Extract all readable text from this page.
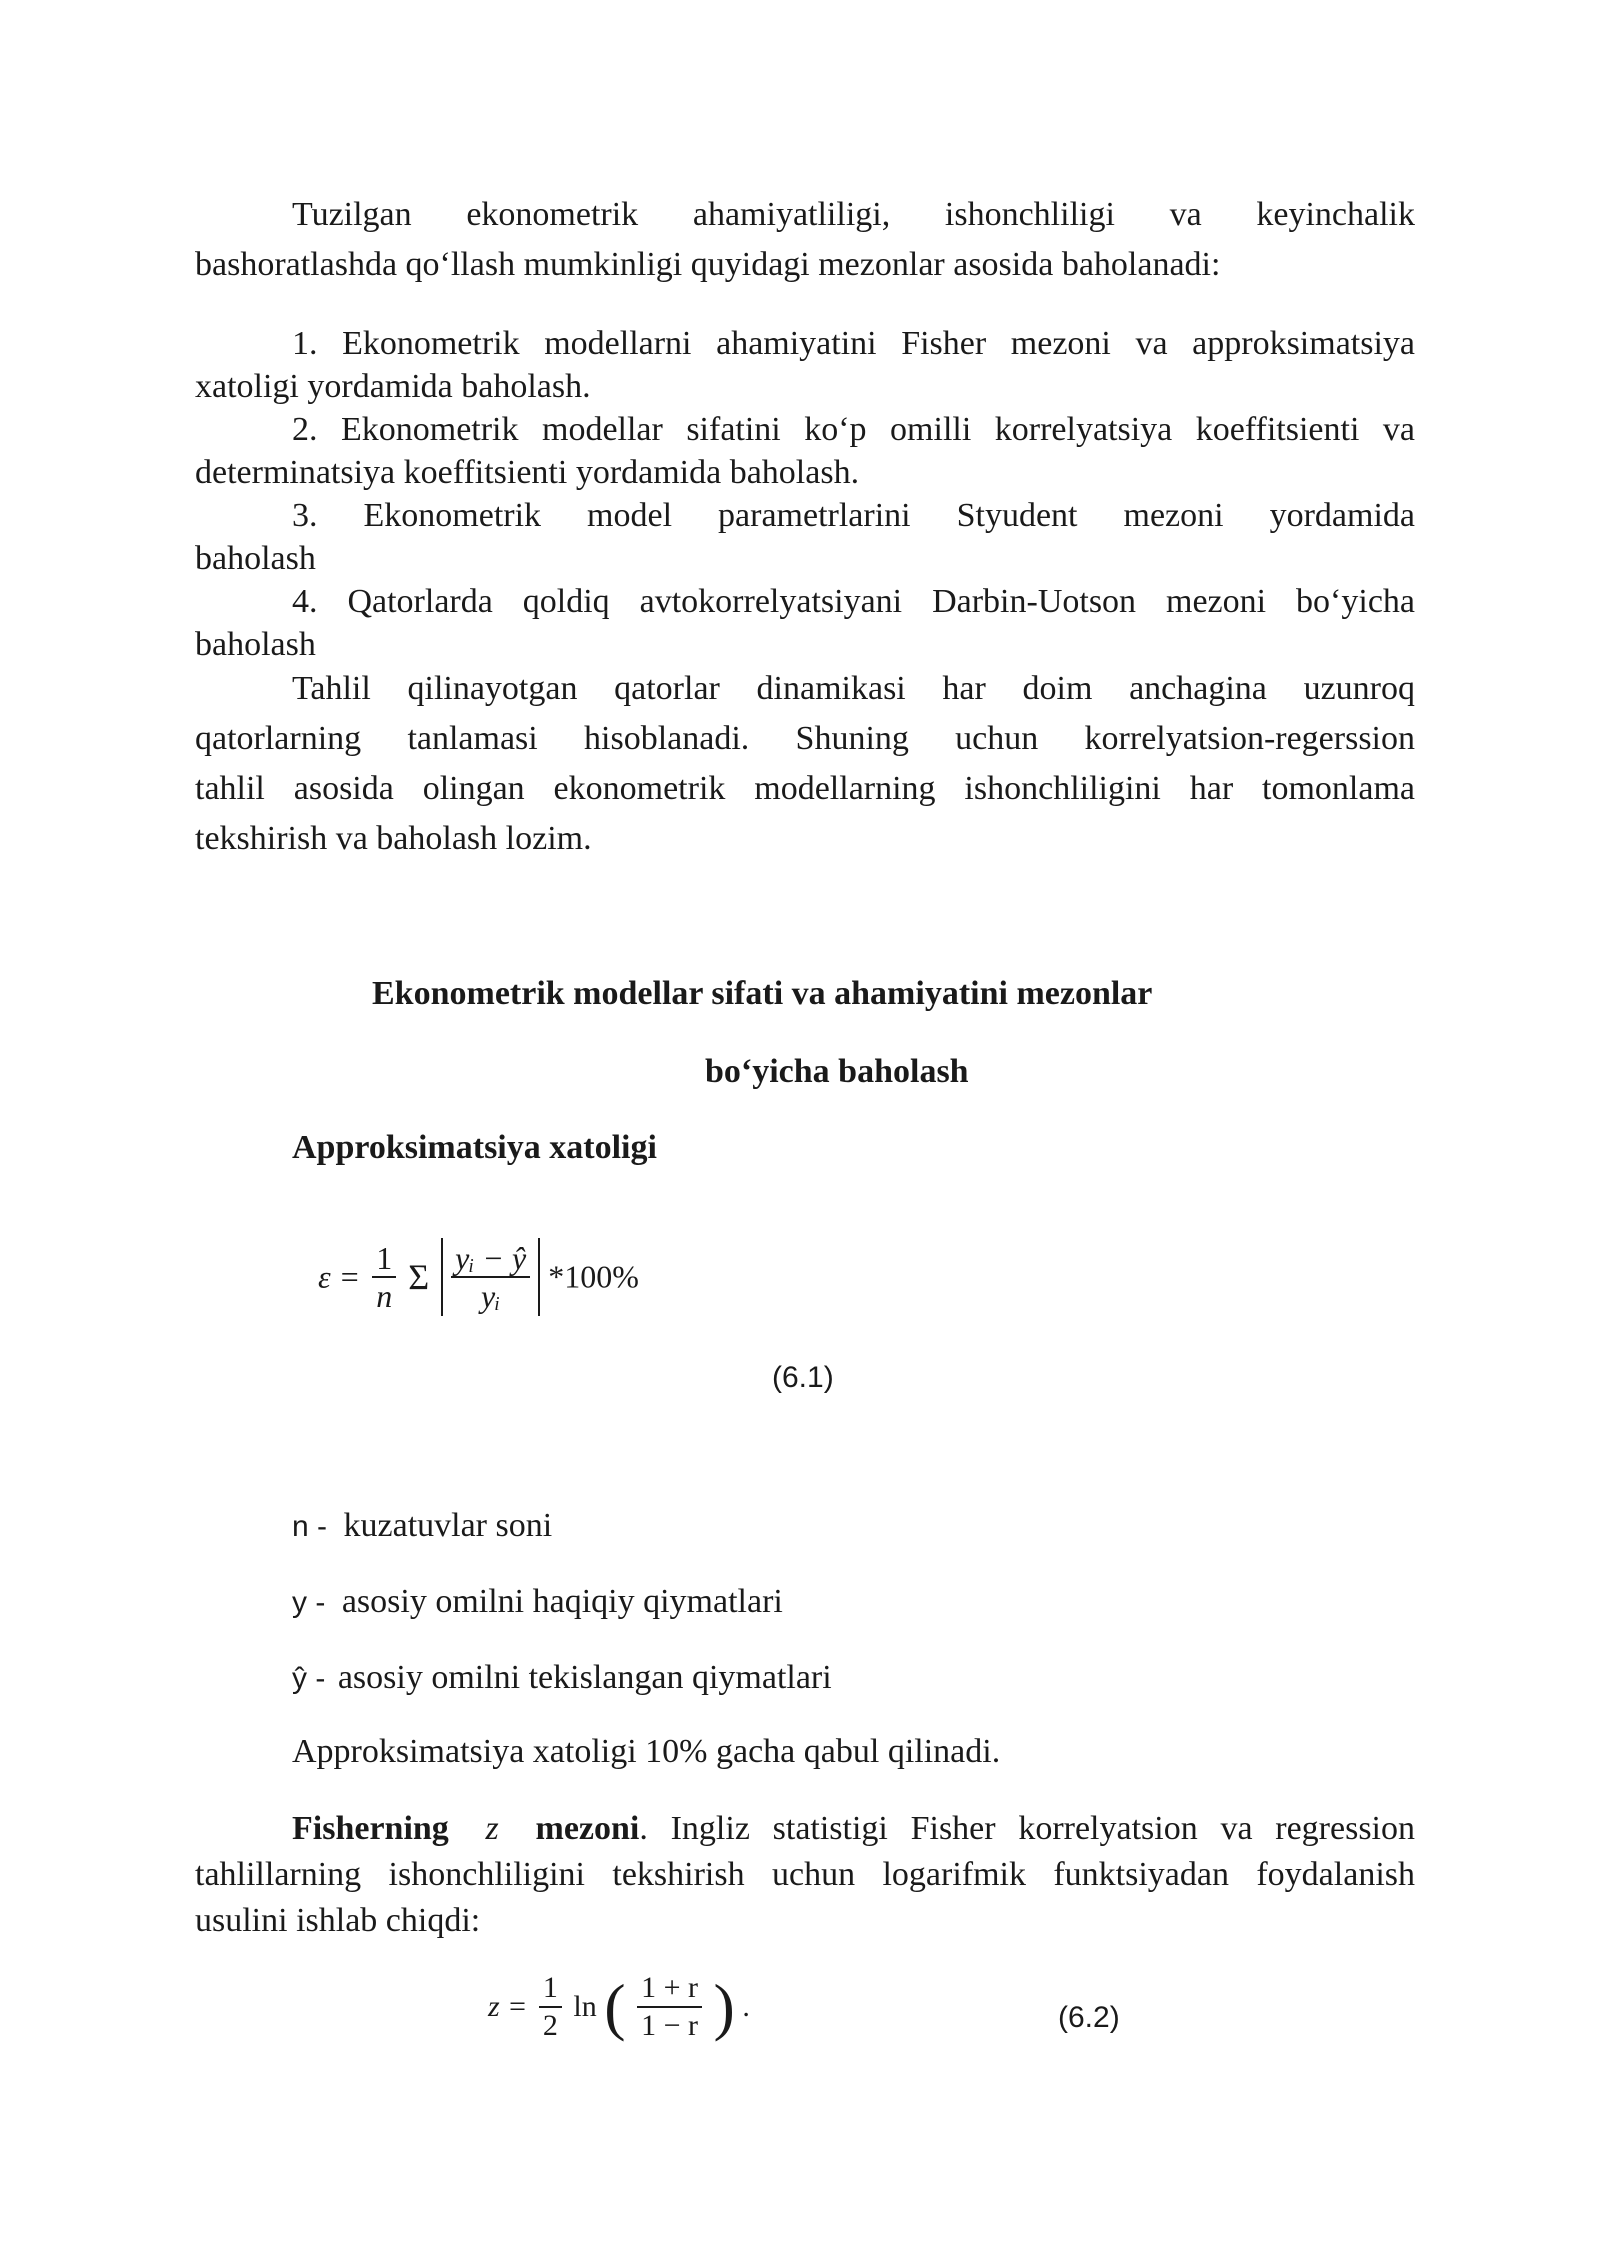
Tuzilgan ekonometrik ahamiyatliligi, ishonchliligi va keyinchalik
bashoratlashda qo‘llash mumkinligi quyidagi mezonlar asosida baholanadi:
1. Ekonometrik modellarni ahamiyatini Fisher mezoni va approksimatsiya
xatoligi yordamida baholash.
2. Ekonometrik modellar sifatini ko‘p omilli korrelyatsiya koeffitsienti va
determinatsiya koeffitsienti yordamida baholash.
3. Ekonometrik model parametrlarini Styudent mezoni yordamida
baholash
4. Qatorlarda qoldiq avtokorrelyatsiyani Darbin-Uotson mezoni bo‘yicha
baholash
Tahlil qilinayotgan qatorlar dinamikasi har doim anchagina uzunroq
qatorlarning tanlamasi hisoblanadi. Shuning uchun korrelyatsion-regerssion
tahlil asosida olingan ekonometrik modellarning ishonchliligini har tomonlama
tekshirish va baholash lozim.
Ekonometrik modellar sifati va ahamiyatini mezonlar
bo‘yicha baholash
Approksimatsiya xatoligi
$\varepsilon = \frac{1}{n}$ Σ $\frac{\text{yᵢ − ŷ}}{\text{yᵢ}} *100\%$
(6.1)
n - kuzatuvlar soni
y - asosiy omilni haqiqiy qiymatlari
ŷ - asosiy omilni tekislangan qiymatlari
Approksimatsiya xatoligi 10% gacha qabul qilinadi.
Fisherning z mezoni. Ingliz statistigi Fisher korrelyatsion va regression
tahlillarning ishonchliligini tekshirish uchun logarifmik funktsiyadan foydalanish
usulini ishlab chiqdi:
$z = \frac{1}{2}$ ln ( $\frac{1 + r}{1 - r}$ ) .	(6.2)
